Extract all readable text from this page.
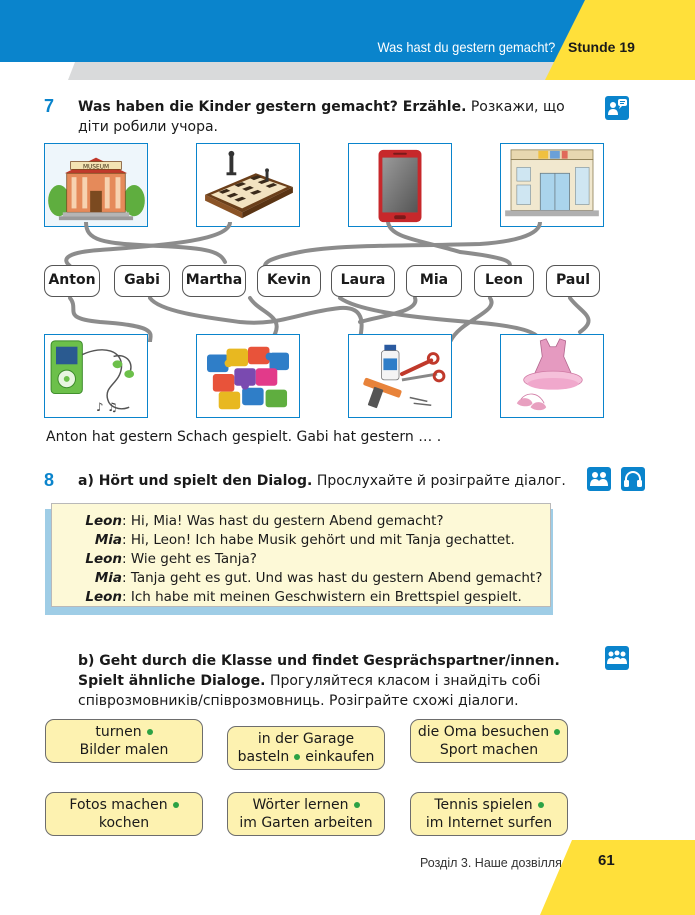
Was hast du gestern gemacht? Stunde 19
7 Was haben die Kinder gestern gemacht? Erzähle. Розкажи, що діти робили учора.
MUSEUM
Anton	Gabi	Martha	Kevin	Laura	Mia	Leon	Paul
♪ ♫
Anton hat gestern Schach gespielt. Gabi hat gestern … .
8 a) Hört und spielt den Dialog. Прослухайте й розіграйте діалог.
Leon: Hi, Mia! Was hast du gestern Abend gemacht?
Mia: Hi, Leon! Ich habe Musik gehört und mit Tanja gechattet.
Leon: Wie geht es Tanja?
Mia: Tanja geht es gut. Und was hast du gestern Abend gemacht?
Leon: Ich habe mit meinen Geschwistern ein Brettspiel gespielt.
b) Geht durch die Klasse und findet Gesprächspartner/innen.
Spielt ähnliche Dialoge. Прогуляйтеся класом і знайдіть собі
співрозмовників/співрозмовниць. Розіграйте схожі діалоги.
turnen
Bilder malen
in der Garage
basteln einkaufen
die Oma besuchen
Sport machen
Fotos machen
kochen
Wörter lernen
im Garten arbeiten
Tennis spielen
im Internet surfen
Розділ 3. Наше дозвілля 61
